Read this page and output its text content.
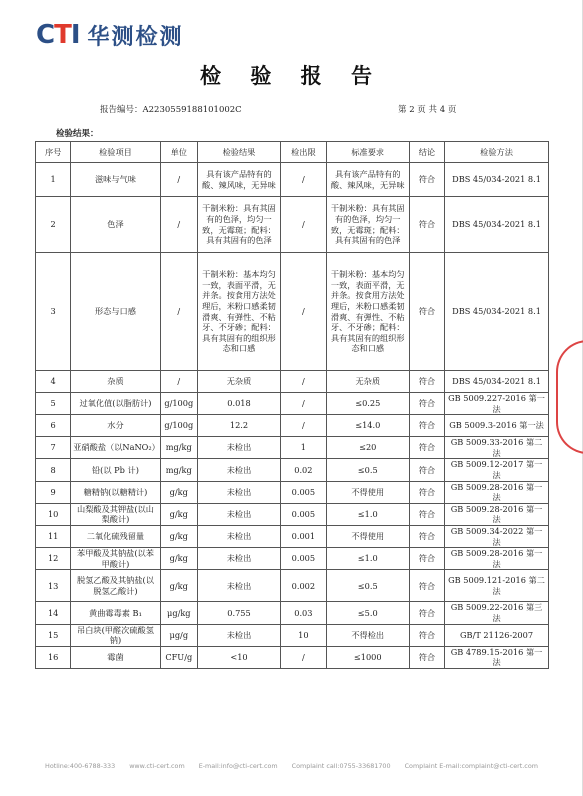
CTI 华测检测
检 验 报 告
报告编号：A2230559188101002C	第 2 页 共 4 页
检验结果：
序号	检验项目	单位	检验结果	检出限	标准要求	结论	检验方法
1	滋味与气味	/	具有该产品特有的酸、辣风味，无异味	/	具有该产品特有的酸、辣风味，无异味	符合	DBS 45/034-2021 8.1
2	色泽	/	干制米粉：具有其固有的色泽，均匀一致，无霉斑；配料：具有其固有的色泽	/	干制米粉：具有其固有的色泽，均匀一致，无霉斑；配料：具有其固有的色泽	符合	DBS 45/034-2021 8.1
3	形态与口感	/	干制米粉：基本均匀一致，表面平滑，无并条。按食用方法处理后，米粉口感柔韧滑爽、有弹性、不粘牙、不牙碜；配料：具有其固有的组织形态和口感	/	干制米粉：基本均匀一致，表面平滑，无并条。按食用方法处理后，米粉口感柔韧滑爽、有弹性、不粘牙、不牙碜；配料：具有其固有的组织形态和口感	符合	DBS 45/034-2021 8.1
4	杂质	/	无杂质	/	无杂质	符合	DBS 45/034-2021 8.1
5	过氧化值(以脂肪计)	g/100g	0.018	/	≤0.25	符合	GB 5009.227-2016 第一法
6	水分	g/100g	12.2	/	≤14.0	符合	GB 5009.3-2016 第一法
7	亚硝酸盐（以NaNO₂）	mg/kg	未检出	1	≤20	符合	GB 5009.33-2016 第二法
8	铅(以 Pb 计)	mg/kg	未检出	0.02	≤0.5	符合	GB 5009.12-2017 第一法
9	糖精钠(以糖精计)	g/kg	未检出	0.005	不得使用	符合	GB 5009.28-2016 第一法
10	山梨酸及其钾盐(以山梨酸计)	g/kg	未检出	0.005	≤1.0	符合	GB 5009.28-2016 第一法
11	二氧化硫残留量	g/kg	未检出	0.001	不得使用	符合	GB 5009.34-2022 第一法
12	苯甲酸及其钠盐(以苯甲酸计)	g/kg	未检出	0.005	≤1.0	符合	GB 5009.28-2016 第一法
13	脱氢乙酸及其钠盐(以脱氢乙酸计)	g/kg	未检出	0.002	≤0.5	符合	GB 5009.121-2016 第二法
14	黄曲霉毒素 B₁	μg/kg	0.755	0.03	≤5.0	符合	GB 5009.22-2016 第三法
15	吊白块(甲醛次硫酸氢钠)	μg/g	未检出	10	不得检出	符合	GB/T 21126-2007
16	霉菌	CFU/g	<10	/	≤1000	符合	GB 4789.15-2016 第一法
Hotline:400-6788-333 www.cti-cert.com E-mail:info@cti-cert.com Complaint call:0755-33681700 Complaint E-mail:complaint@cti-cert.com
